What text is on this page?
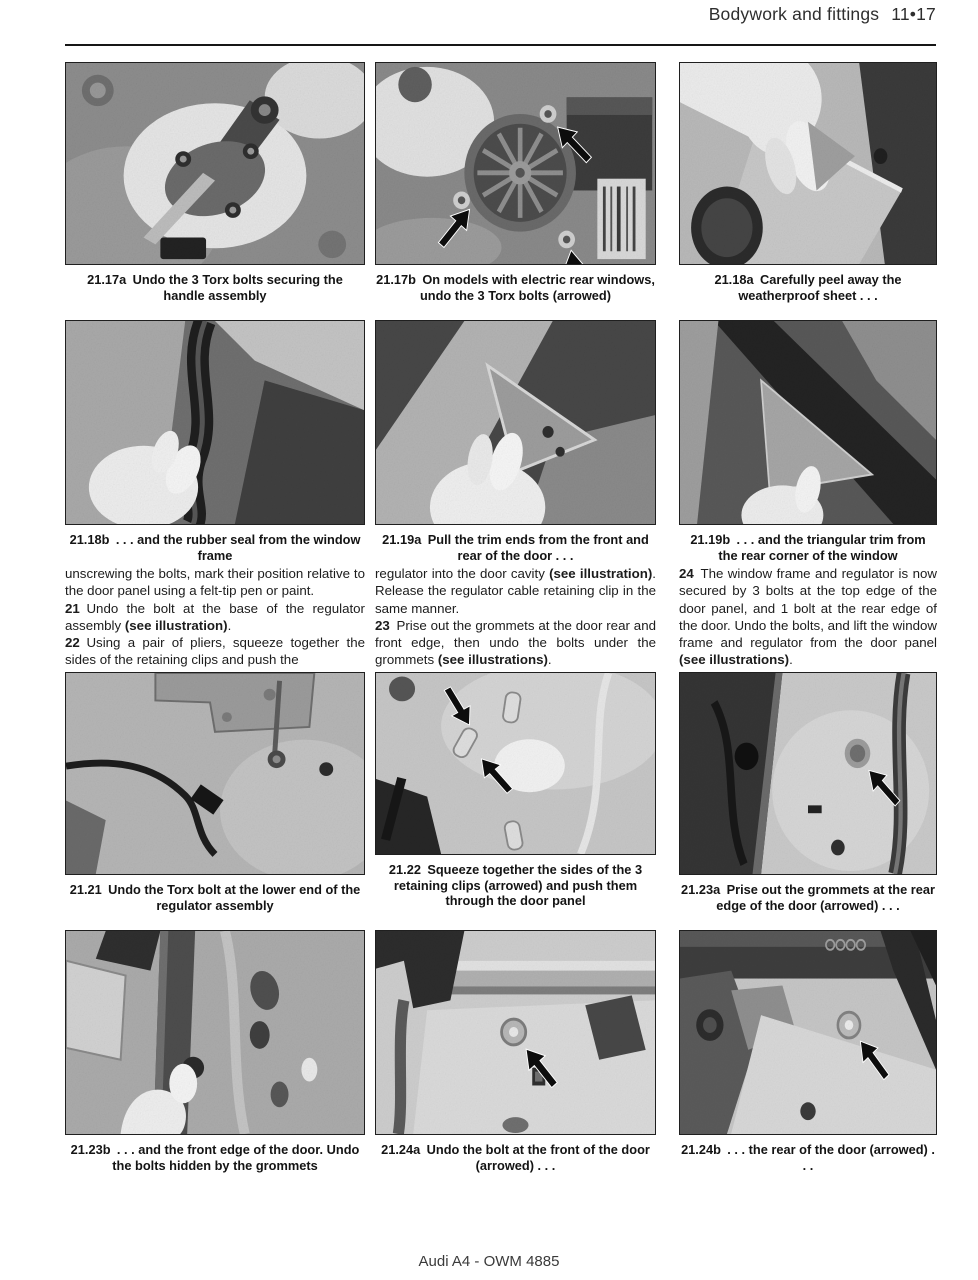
Bodywork and fittings 11•17
21.17a Undo the 3 Torx bolts securing the handle assembly
21.17b On models with electric rear windows, undo the 3 Torx bolts (arrowed)
21.18a Carefully peel away the weatherproof sheet . . .
21.18b . . . and the rubber seal from the window frame
21.19a Pull the trim ends from the front and rear of the door . . .
21.19b . . . and the triangular trim from the rear corner of the window

unscrewing the bolts, mark their position relative to the door panel using a felt-tip pen or paint.

21 Undo the bolt at the base of the regulator assembly (see illustration).

22 Using a pair of pliers, squeeze together the sides of the retaining clips and push the

regulator into the door cavity (see illustration). Release the regulator cable retaining clip in the same manner.

23 Prise out the grommets at the door rear and front edge, then undo the bolts under the grommets (see illustrations).

24 The window frame and regulator is now secured by 3 bolts at the top edge of the door panel, and 1 bolt at the rear edge of the door. Undo the bolts, and lift the window frame and regulator from the door panel (see illustrations).

21.21 Undo the Torx bolt at the lower end of the regulator assembly
21.22 Squeeze together the sides of the 3 retaining clips (arrowed) and push them through the door panel
21.23a Prise out the grommets at the rear edge of the door (arrowed) . . .
21.23b . . . and the front edge of the door. Undo the bolts hidden by the grommets
21.24a Undo the bolt at the front of the door (arrowed) . . .
21.24b . . . the rear of the door (arrowed) . . .
Audi A4 - OWM 4885
